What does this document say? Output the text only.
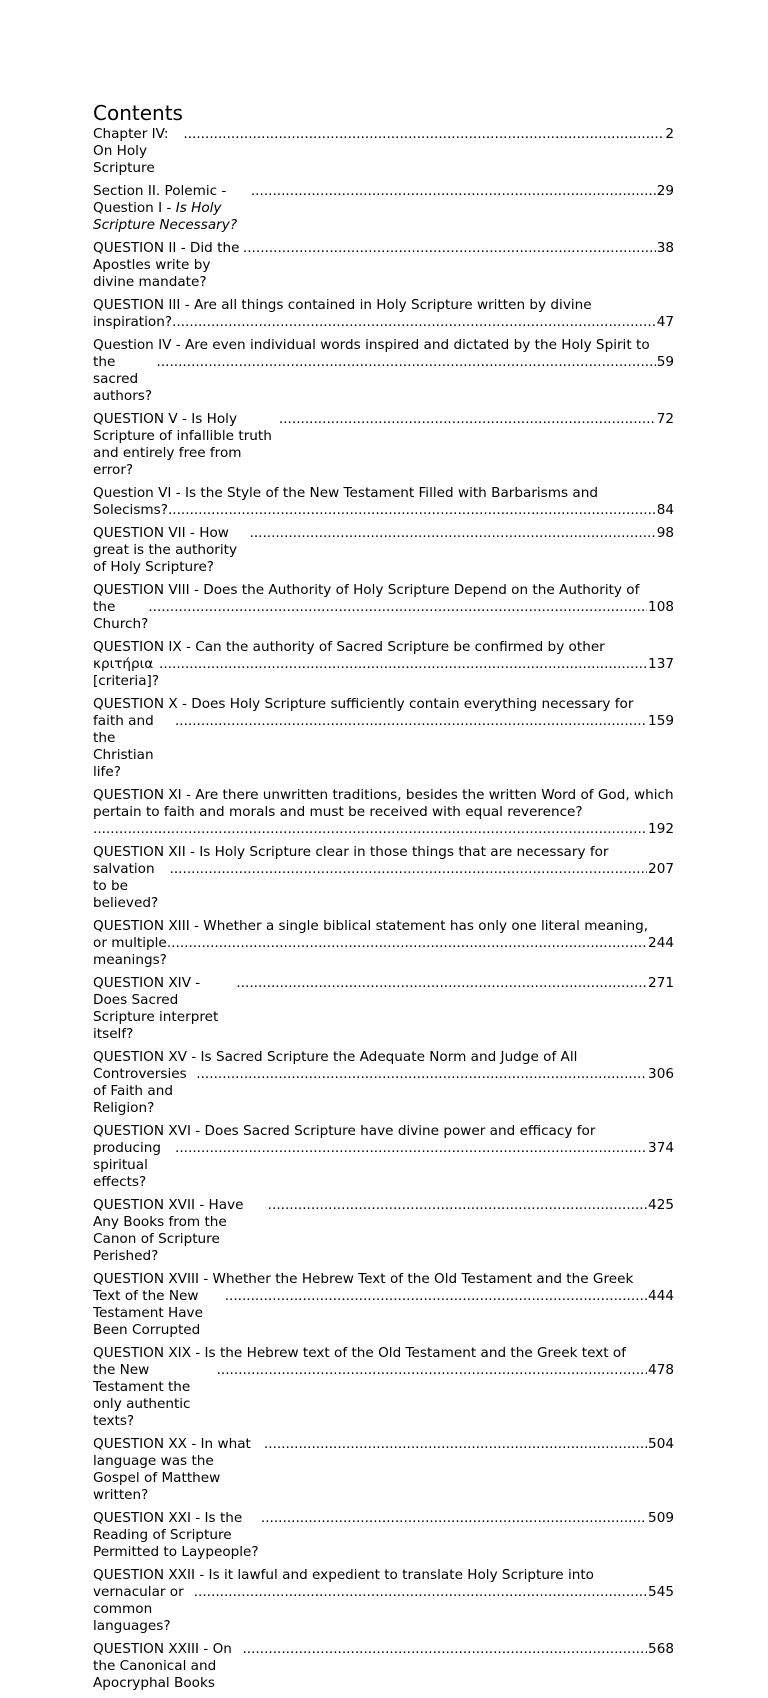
Contents
Chapter IV: On Holy Scripture
.....
2
Section II. Polemic - Question I - Is Holy Scripture Necessary?
.....
29
QUESTION II - Did the Apostles write by divine mandate?
.....
38
QUESTION III - Are all things contained in Holy Scripture written by divine
inspiration? .....	47
Question IV - Are even individual words inspired and dictated by the Holy Spirit to
the sacred authors?
.....
59
QUESTION V - Is Holy Scripture of infallible truth and entirely free from error?
.....
72
Question VI - Is the Style of the New Testament Filled with Barbarisms and
Solecisms? .....	84
QUESTION VII - How great is the authority of Holy Scripture?
.....
98
QUESTION VIII - Does the Authority of Holy Scripture Depend on the Authority of
the Church?
.....
108
QUESTION IX - Can the authority of Sacred Scripture be confirmed by other
κριτήρια [criteria]?
.....
137
QUESTION X - Does Holy Scripture sufficiently contain everything necessary for
faith and the Christian life?
.....
159
QUESTION XI - Are there unwritten traditions, besides the written Word of God, which pertain to faith and morals and must be received with equal reverence?
.....
192
QUESTION XII - Is Holy Scripture clear in those things that are necessary for
salvation to be believed?
.....
207
QUESTION XIII - Whether a single biblical statement has only one literal meaning,
or multiple meanings?
.....
244
QUESTION XIV - Does Sacred Scripture interpret itself?
.....
271
QUESTION XV - Is Sacred Scripture the Adequate Norm and Judge of All
Controversies of Faith and Religion?
.....
306
QUESTION XVI - Does Sacred Scripture have divine power and efficacy for
producing spiritual effects?
.....
374
QUESTION XVII - Have Any Books from the Canon of Scripture Perished?
.....
425
QUESTION XVIII - Whether the Hebrew Text of the Old Testament and the Greek
Text of the New Testament Have Been Corrupted
.....
444
QUESTION XIX - Is the Hebrew text of the Old Testament and the Greek text of
the New Testament the only authentic texts?
.....
478
QUESTION XX - In what language was the Gospel of Matthew written?
.....
504
QUESTION XXI - Is the Reading of Scripture Permitted to Laypeople?
.....
509
QUESTION XXII - Is it lawful and expedient to translate Holy Scripture into
vernacular or common languages?
.....
545
QUESTION XXIII - On the Canonical and Apocryphal Books
.....
568
